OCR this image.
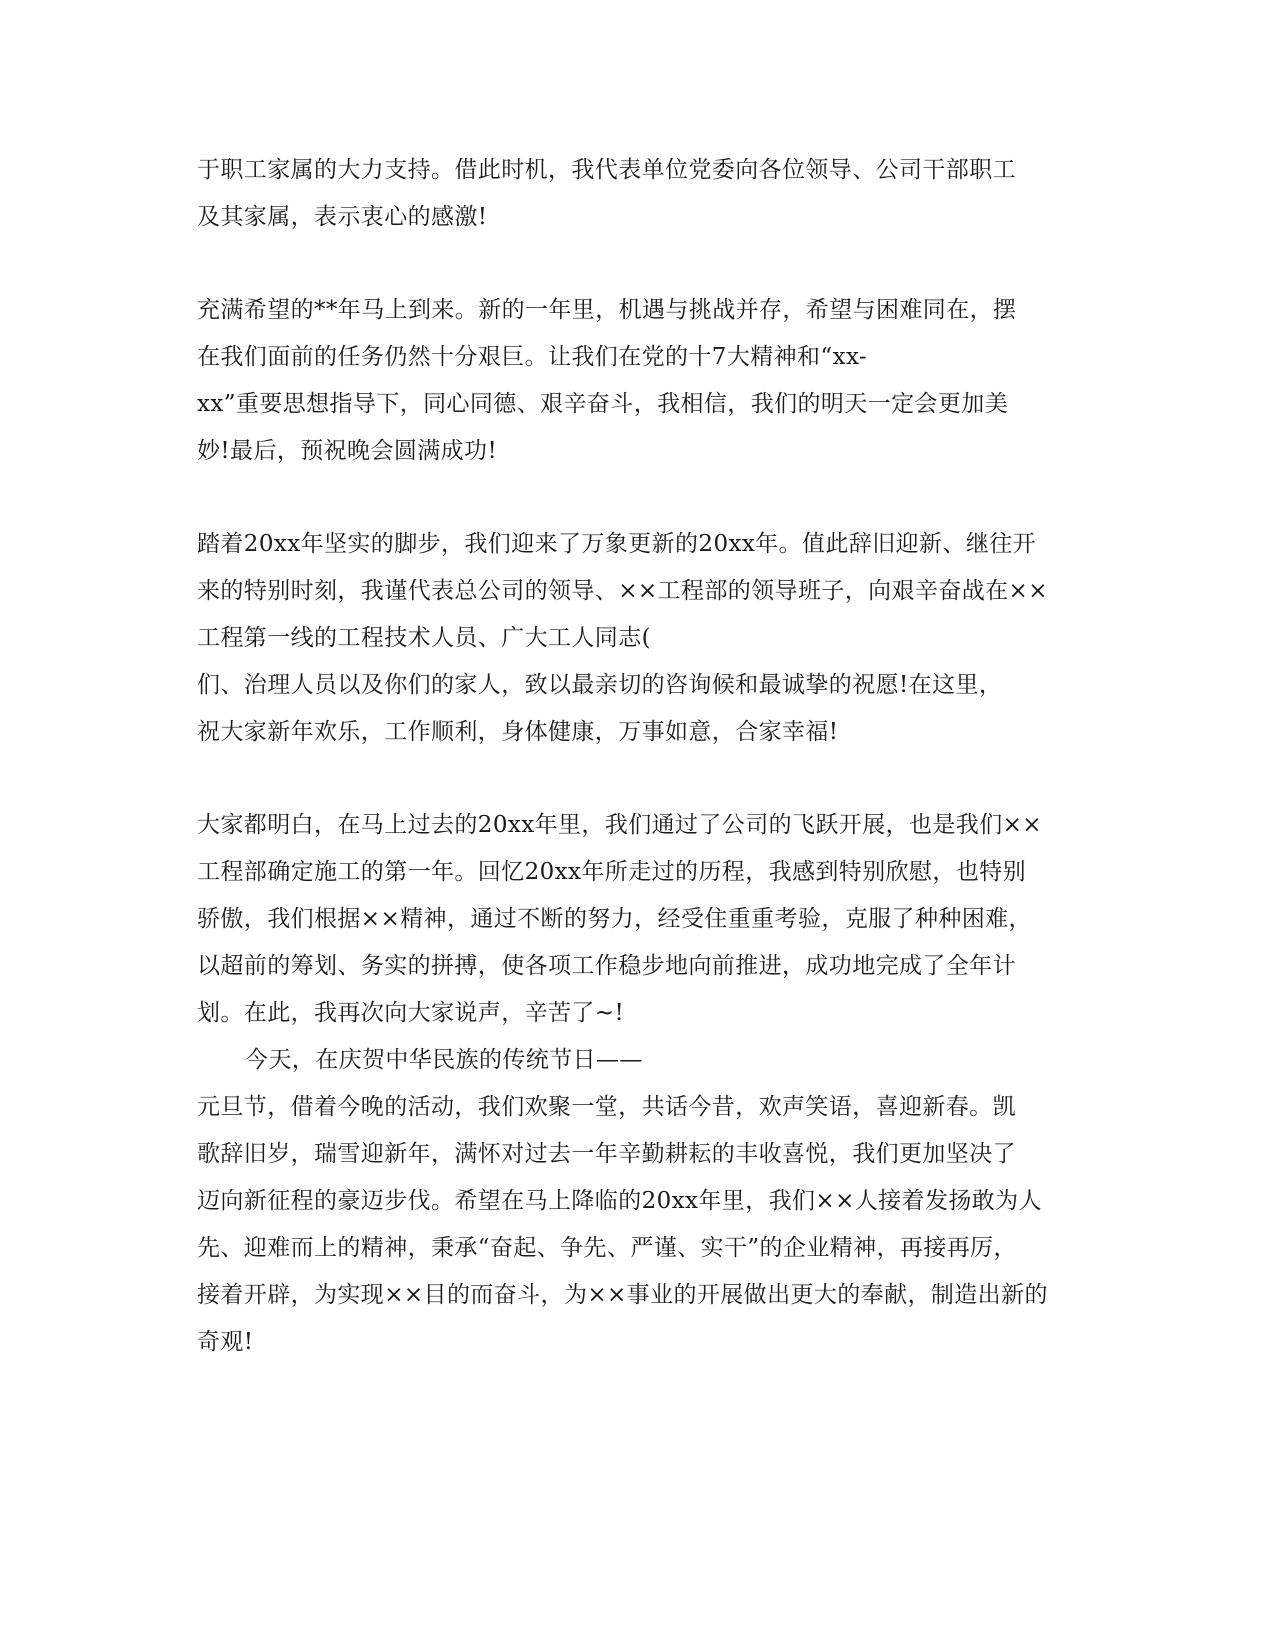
于职工家属的大力支持。借此时机，我代表单位党委向各位领导、公司干部职工

及其家属，表示衷心的感激!

充满希望的**年马上到来。新的一年里，机遇与挑战并存，希望与困难同在，摆

在我们面前的任务仍然十分艰巨。让我们在党的十7大精神和“xx-

xx”重要思想指导下，同心同德、艰辛奋斗，我相信，我们的明天一定会更加美

妙!最后，预祝晚会圆满成功!

踏着20xx年坚实的脚步，我们迎来了万象更新的20xx年。值此辞旧迎新、继往开

来的特别时刻，我谨代表总公司的领导、××工程部的领导班子，向艰辛奋战在××

工程第一线的工程技术人员、广大工人同志(

们、治理人员以及你们的家人，致以最亲切的咨询候和最诚挚的祝愿!在这里，

祝大家新年欢乐，工作顺利，身体健康，万事如意，合家幸福!

大家都明白，在马上过去的20xx年里，我们通过了公司的飞跃开展，也是我们××

工程部确定施工的第一年。回忆20xx年所走过的历程，我感到特别欣慰，也特别

骄傲，我们根据××精神，通过不断的努力，经受住重重考验，克服了种种困难，

以超前的筹划、务实的拼搏，使各项工作稳步地向前推进，成功地完成了全年计

划。在此，我再次向大家说声，辛苦了~!

今天，在庆贺中华民族的传统节日——

元旦节，借着今晚的活动，我们欢聚一堂，共话今昔，欢声笑语，喜迎新春。凯

歌辞旧岁，瑞雪迎新年，满怀对过去一年辛勤耕耘的丰收喜悦，我们更加坚决了

迈向新征程的豪迈步伐。希望在马上降临的20xx年里，我们××人接着发扬敢为人

先、迎难而上的精神，秉承“奋起、争先、严谨、实干”的企业精神，再接再厉，

接着开辟，为实现××目的而奋斗，为××事业的开展做出更大的奉献，制造出新的

奇观!
